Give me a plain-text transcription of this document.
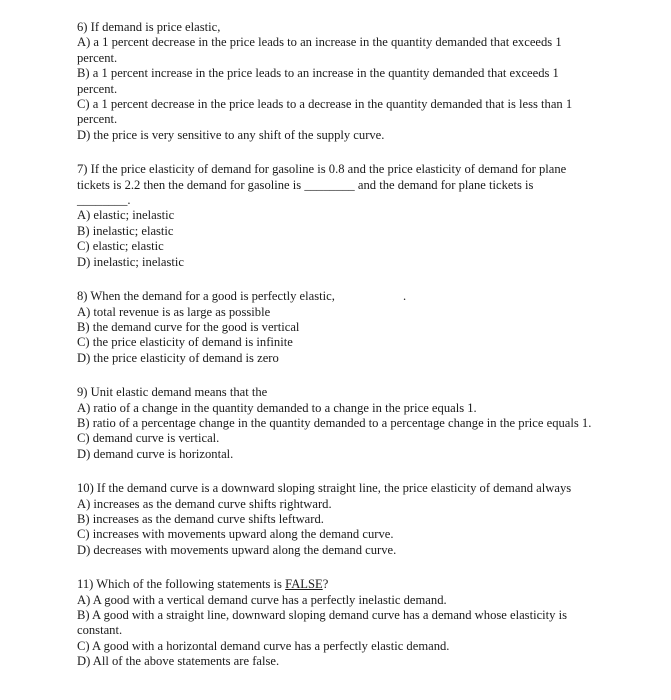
6) If demand is price elastic,
A) a 1 percent decrease in the price leads to an increase in the quantity demanded that exceeds 1 percent.
B) a 1 percent increase in the price leads to an increase in the quantity demanded that exceeds 1 percent.
C) a 1 percent decrease in the price leads to a decrease in the quantity demanded that is less than 1 percent.
D) the price is very sensitive to any shift of the supply curve.
7) If the price elasticity of demand for gasoline is 0.8 and the price elasticity of demand for plane
tickets is 2.2 then the demand for gasoline is ________ and the demand for plane tickets is
________.
A) elastic; inelastic
B) inelastic; elastic
C) elastic; elastic
D) inelastic; inelastic
8) When the demand for a good is perfectly elastic,	.
A) total revenue is as large as possible
B) the demand curve for the good is vertical
C) the price elasticity of demand is infinite
D) the price elasticity of demand is zero
9) Unit elastic demand means that the
A) ratio of a change in the quantity demanded to a change in the price equals 1.
B) ratio of a percentage change in the quantity demanded to a percentage change in the price equals 1.
C) demand curve is vertical.
D) demand curve is horizontal.
10) If the demand curve is a downward sloping straight line, the price elasticity of demand always
A) increases as the demand curve shifts rightward.
B) increases as the demand curve shifts leftward.
C) increases with movements upward along the demand curve.
D) decreases with movements upward along the demand curve.
11) Which of the following statements is FALSE?
A) A good with a vertical demand curve has a perfectly inelastic demand.
B) A good with a straight line, downward sloping demand curve has a demand whose elasticity is constant.
C) A good with a horizontal demand curve has a perfectly elastic demand.
D) All of the above statements are false.
